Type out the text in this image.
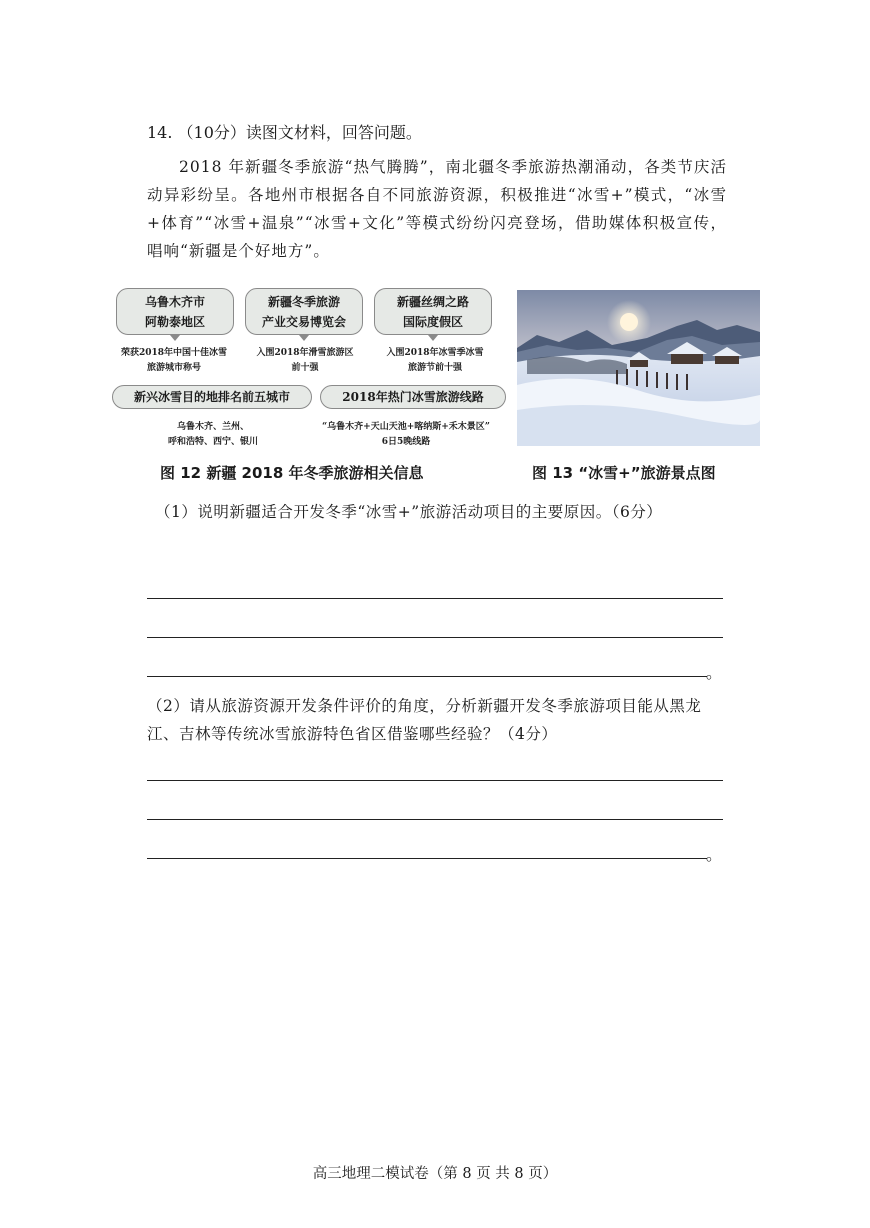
14. （10分）读图文材料，回答问题。
2018 年新疆冬季旅游“热气腾腾”，南北疆冬季旅游热潮涌动，各类节庆活动异彩纷呈。各地州市根据各自不同旅游资源，积极推进“冰雪+”模式，“冰雪+体育”“冰雪+温泉”“冰雪+文化”等模式纷纷闪亮登场，借助媒体积极宣传，唱响“新疆是个好地方”。
乌鲁木齐市
阿勒泰地区
新疆冬季旅游
产业交易博览会
新疆丝绸之路
国际度假区
荣获2018年中国十佳冰雪
旅游城市称号
入围2018年滑雪旅游区
前十强
入围2018年冰雪季冰雪
旅游节前十强
新兴冰雪目的地排名前五城市	2018年热门冰雪旅游线路
乌鲁木齐、兰州、
呼和浩特、西宁、银川
“乌鲁木齐+天山天池+喀纳斯+禾木景区”
6日5晚线路
图 12 新疆 2018 年冬季旅游相关信息	图 13 “冰雪+”旅游景点图
（1）说明新疆适合开发冬季“冰雪+”旅游活动项目的主要原因。（6分）
。
（2）请从旅游资源开发条件评价的角度，分析新疆开发冬季旅游项目能从黑龙江、吉林等传统冰雪旅游特色省区借鉴哪些经验？（4分）
。
高三地理二模试卷（第 8 页 共 8 页）
